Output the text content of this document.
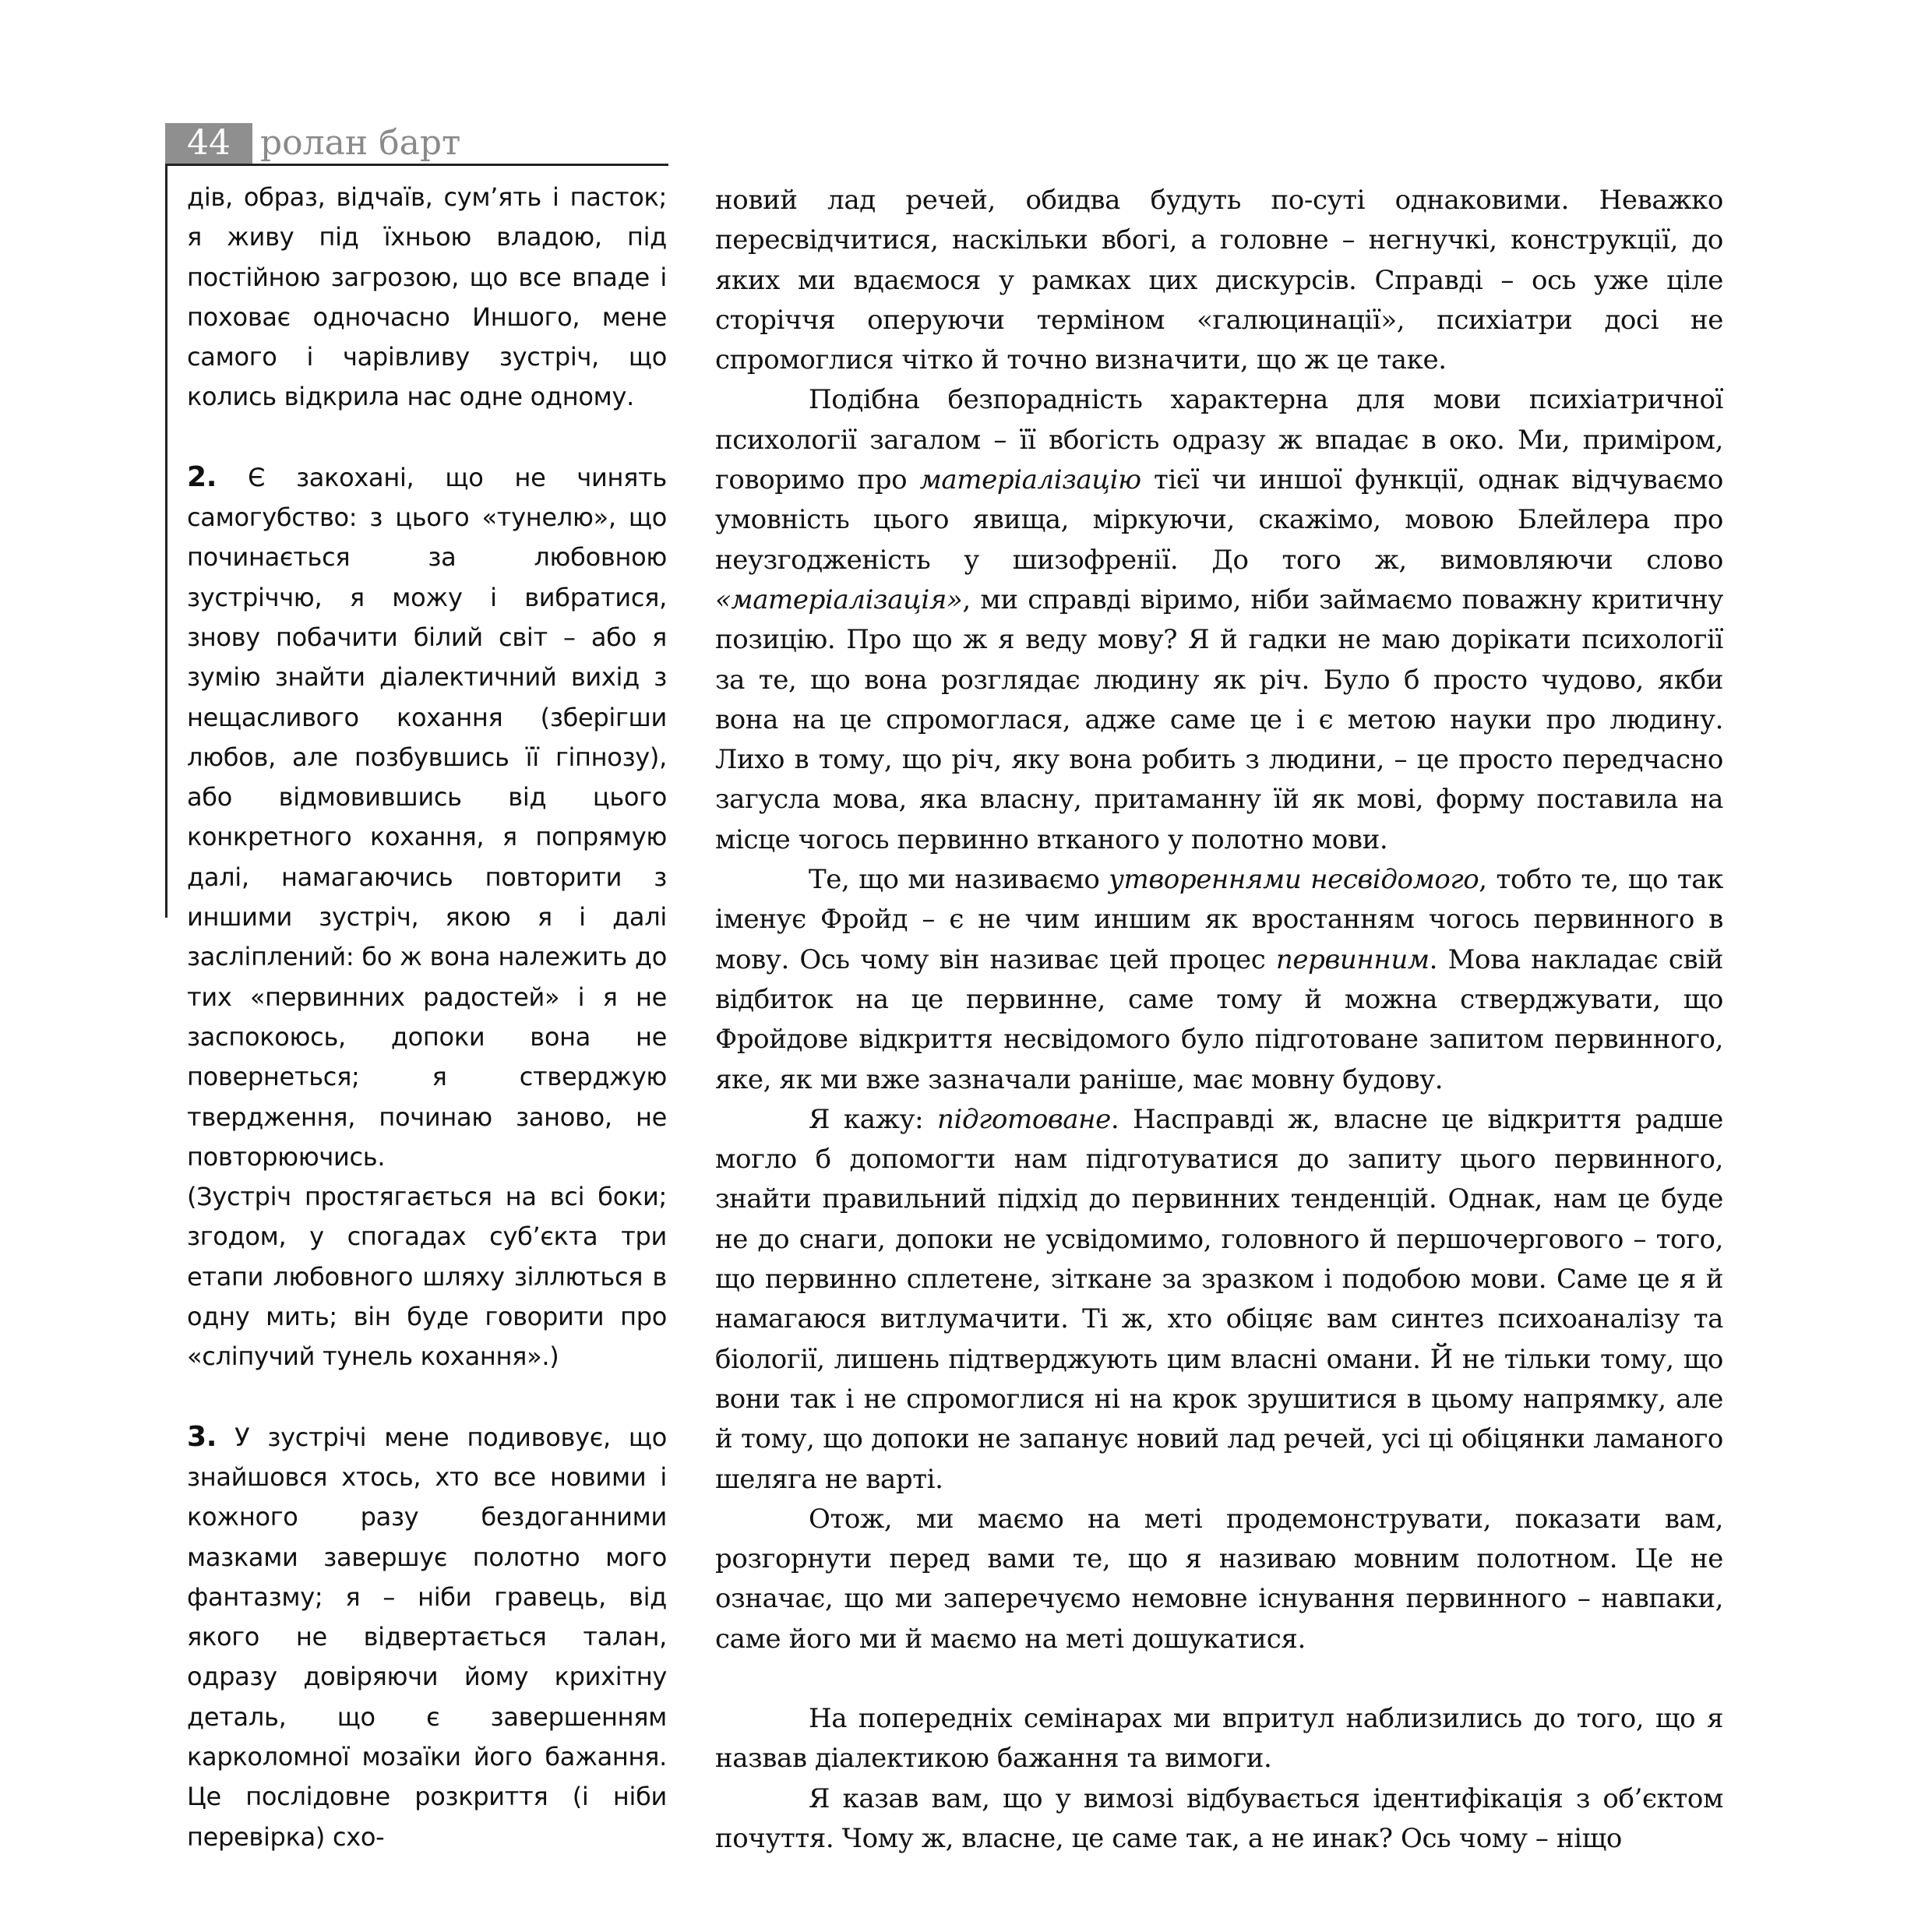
44 ролан барт

дів, образ, відчаїв, сум’ять і пасток; я живу під їхньою владою, під постійною загрозою, що все впаде і поховає одночасно Иншого, мене самого і чарівливу зустріч, що колись відкрила нас одне одному.

2. Є закохані, що не чинять самогубство: з цього «тунелю», що починається за любовною зустріччю, я можу і вибратися, знову побачити білий світ – або я зумію знайти діалектичний вихід з нещасливого кохання (зберігши любов, але позбувшись її гіпнозу), або відмовившись від цього конкретного кохання, я попрямую далі, намагаючись повторити з иншими зустріч, якою я і далі засліплений: бо ж вона належить до тих «первинних радостей» і я не заспокоюсь, допоки вона не повернеться; я стверджую твердження, починаю заново, не повторюючись.

(Зустріч простягається на всі боки; згодом, у спогадах суб’єкта три етапи любовного шляху зіллються в одну мить; він буде говорити про «сліпучий тунель кохання».)

3. У зустрічі мене подивовує, що знайшовся хтось, хто все новими і кожного разу бездоганними мазками завершує полотно мого фантазму; я – ніби гравець, від якого не відвертається талан, одразу довіряючи йому крихітну деталь, що є завершенням карколомної мозаїки його бажання. Це послідовне розкриття (і ніби перевірка) схо-

новий лад речей, обидва будуть по-суті однаковими. Неважко пересвідчитися, наскільки вбогі, а головне – негнучкі, конструкції, до яких ми вдаємося у рамках цих дискурсів. Справді – ось уже ціле сторіччя оперуючи терміном «галюцинації», психіатри досі не спромоглися чітко й точно визначити, що ж це таке.

Подібна безпорадність характерна для мови психіатричної психології загалом – її вбогість одразу ж впадає в око. Ми, приміром, говоримо про матеріалізацію тієї чи иншої функції, однак відчуваємо умовність цього явища, міркуючи, скажімо, мовою Блейлера про неузгодженість у шизофренії. До того ж, вимовляючи слово «матеріалізація», ми справді віримо, ніби займаємо поважну критичну позицію. Про що ж я веду мову? Я й гадки не маю дорікати психології за те, що вона розглядає людину як річ. Було б просто чудово, якби вона на це спромоглася, адже саме це і є метою науки про людину. Лихо в тому, що річ, яку вона робить з людини, – це просто передчасно загусла мова, яка власну, притаманну їй як мові, форму поставила на місце чогось первинно вткaного у полотно мови.

Те, що ми називаємо утвореннями несвідомого, тобто те, що так іменує Фройд – є не чим иншим як вростанням чогось первинного в мову. Ось чому він називає цей процес первинним. Мова накладає свій відбиток на це первинне, саме тому й можна стверджувати, що Фройдове відкриття несвідомого було підготоване запитом первинного, яке, як ми вже зазначали раніше, має мовну будову.

Я кажу: підготоване. Насправді ж, власне це відкриття радше могло б допомогти нам підготуватися до запиту цього первинного, знайти правильний підхід до первинних тенденцій. Однак, нам це буде не до снаги, допоки не усвідомимо, головного й першочергового – того, що первинно сплетене, зіткане за зразком і подобою мови. Саме це я й намагаюся витлумачити. Ті ж, хто обіцяє вам синтез психоаналізу та біології, лишень підтверджують цим власні омани. Й не тільки тому, що вони так і не спромоглися ні на крок зрушитися в цьому напрямку, але й тому, що допоки не запанує новий лад речей, усі ці обіцянки ламаного шеляга не варті.

Отож, ми маємо на меті продемонструвати, показати вам, розгорнути перед вами те, що я називаю мовним полотном. Це не означає, що ми заперечуємо немовне існування первинного – навпаки, саме його ми й маємо на меті дошукатися.

На попередніх семінарах ми впритул наблизились до того, що я назвав діалектикою бажання та вимоги.

Я казав вам, що у вимозі відбувається ідентифікація з об’єктом почуття. Чому ж, власне, це саме так, а не инак? Ось чому – ніщо
